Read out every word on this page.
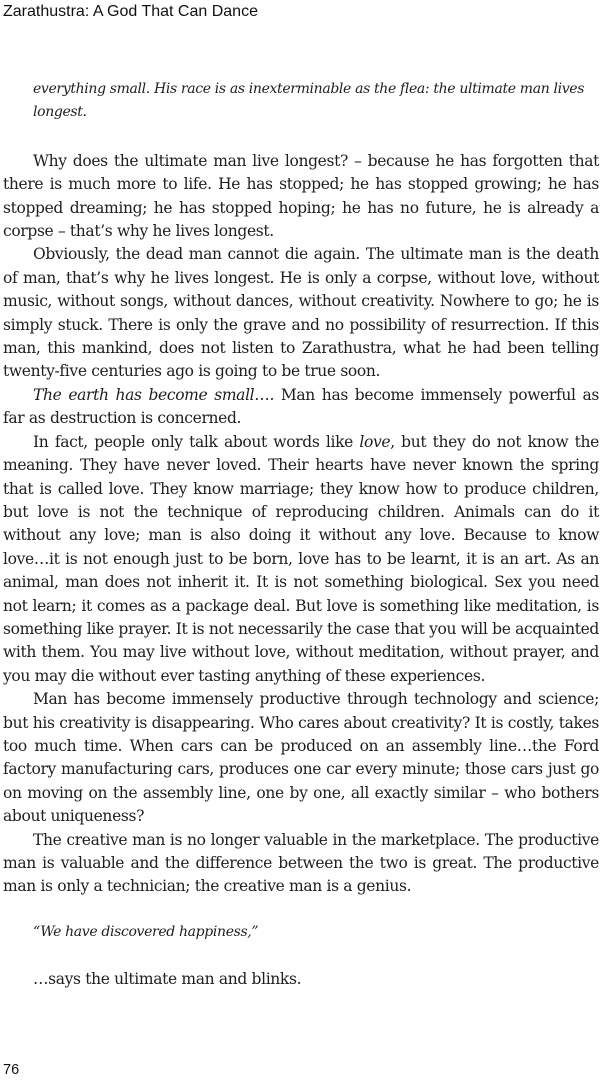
Zarathustra: A God That Can Dance

everything small. His race is as inexterminable as the flea: the ultimate man lives longest.

Why does the ultimate man live longest? – because he has forgotten that there is much more to life. He has stopped; he has stopped growing; he has stopped dreaming; he has stopped hoping; he has no future, he is already a corpse – that’s why he lives longest.

Obviously, the dead man cannot die again. The ultimate man is the death of man, that’s why he lives longest. He is only a corpse, without love, without music, without songs, without dances, without creativity. Nowhere to go; he is simply stuck. There is only the grave and no possibility of resurrection. If this man, this mankind, does not listen to Zarathustra, what he had been telling twenty-five centuries ago is going to be true soon.

The earth has become small…. Man has become immensely powerful as far as destruction is concerned.

In fact, people only talk about words like love, but they do not know the meaning. They have never loved. Their hearts have never known the spring that is called love. They know marriage; they know how to produce children, but love is not the technique of reproducing children. Animals can do it without any love; man is also doing it without any love. Because to know love…it is not enough just to be born, love has to be learnt, it is an art. As an animal, man does not inherit it. It is not something biological. Sex you need not learn; it comes as a package deal. But love is something like meditation, is something like prayer. It is not necessarily the case that you will be acquainted with them. You may live without love, without meditation, without prayer, and you may die without ever tasting anything of these experiences.

Man has become immensely productive through technology and science; but his creativity is disappearing. Who cares about creativity? It is costly, takes too much time. When cars can be produced on an assembly line…the Ford factory manufacturing cars, produces one car every minute; those cars just go on moving on the assembly line, one by one, all exactly similar – who bothers about uniqueness?

The creative man is no longer valuable in the marketplace. The productive man is valuable and the difference between the two is great. The productive man is only a technician; the creative man is a genius.

“We have discovered happiness,”

…says the ultimate man and blinks.

76
